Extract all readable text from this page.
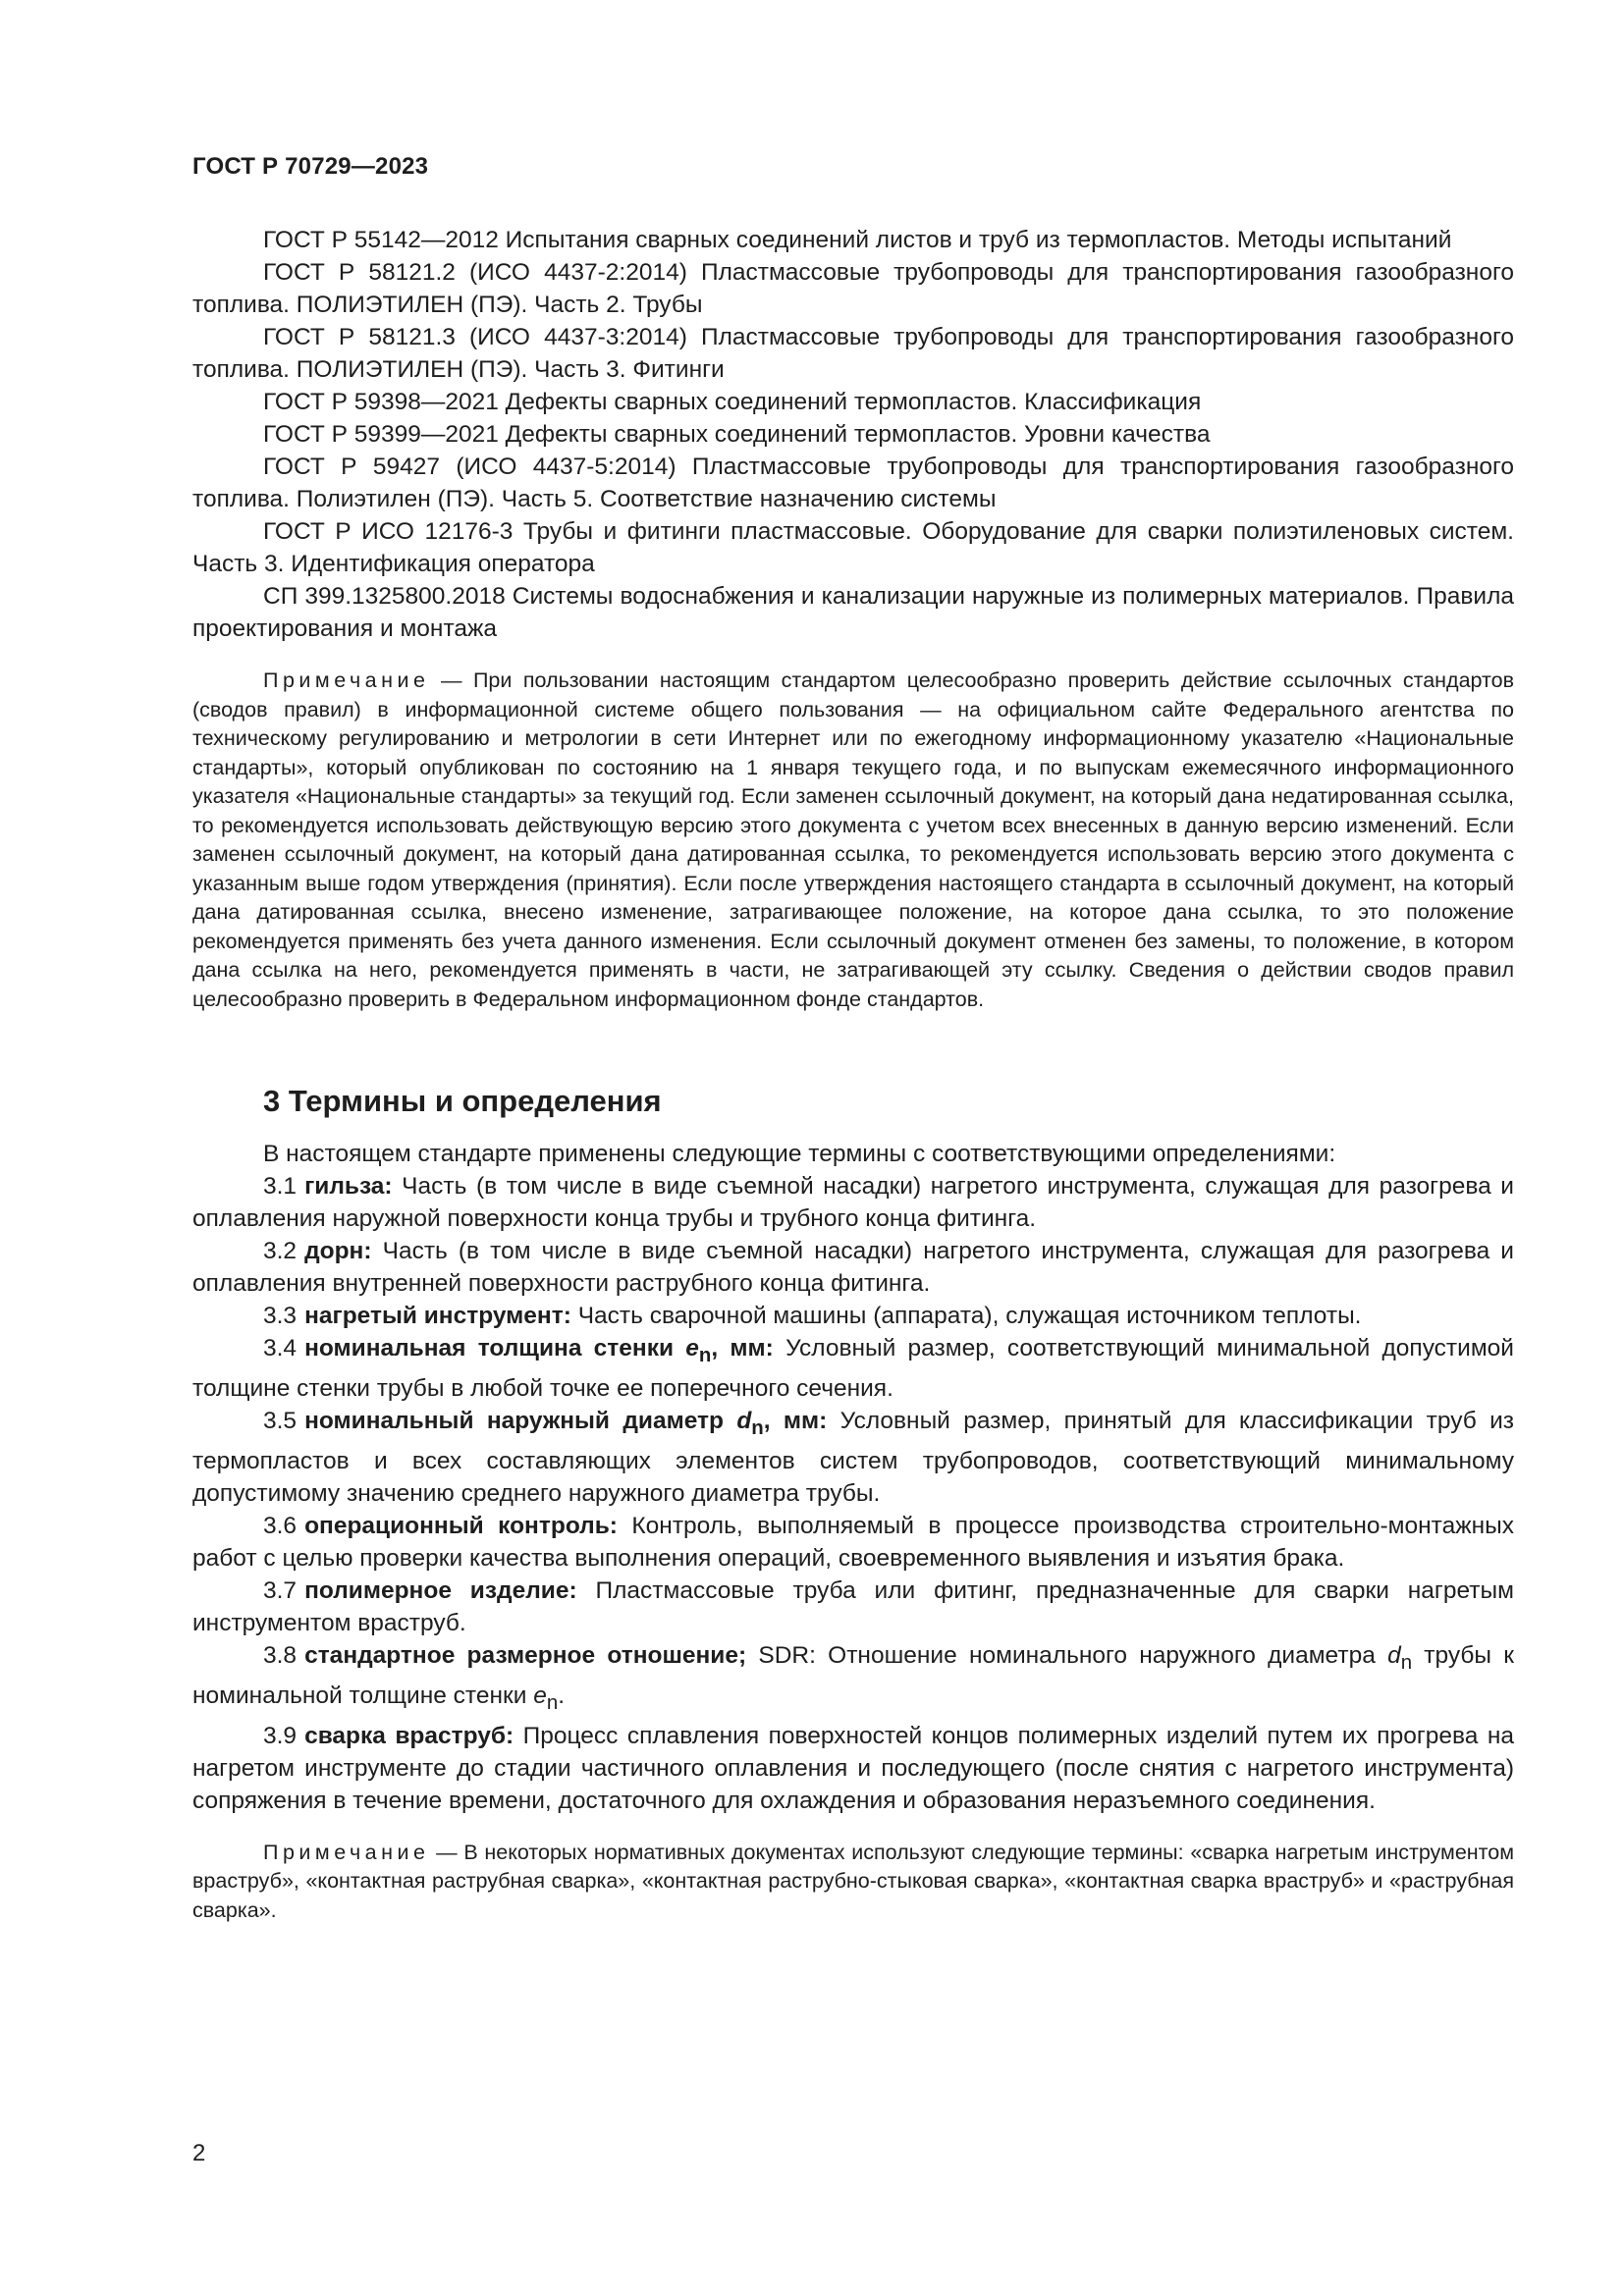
ГОСТ Р 70729—2023

ГОСТ Р 55142—2012 Испытания сварных соединений листов и труб из термопластов. Методы испытаний

ГОСТ Р 58121.2 (ИСО 4437-2:2014) Пластмассовые трубопроводы для транспортирования газообразного топлива. ПОЛИЭТИЛЕН (ПЭ). Часть 2. Трубы

ГОСТ Р 58121.3 (ИСО 4437-3:2014) Пластмассовые трубопроводы для транспортирования газообразного топлива. ПОЛИЭТИЛЕН (ПЭ). Часть 3. Фитинги

ГОСТ Р 59398—2021 Дефекты сварных соединений термопластов. Классификация

ГОСТ Р 59399—2021 Дефекты сварных соединений термопластов. Уровни качества

ГОСТ Р 59427 (ИСО 4437-5:2014) Пластмассовые трубопроводы для транспортирования газообразного топлива. Полиэтилен (ПЭ). Часть 5. Соответствие назначению системы

ГОСТ Р ИСО 12176-3 Трубы и фитинги пластмассовые. Оборудование для сварки полиэтиленовых систем. Часть 3. Идентификация оператора

СП 399.1325800.2018 Системы водоснабжения и канализации наружные из полимерных материалов. Правила проектирования и монтажа

Примечание — При пользовании настоящим стандартом целесообразно проверить действие ссылочных стандартов (сводов правил) в информационной системе общего пользования — на официальном сайте Федерального агентства по техническому регулированию и метрологии в сети Интернет или по ежегодному информационному указателю «Национальные стандарты», который опубликован по состоянию на 1 января текущего года, и по выпускам ежемесячного информационного указателя «Национальные стандарты» за текущий год. Если заменен ссылочный документ, на который дана недатированная ссылка, то рекомендуется использовать действующую версию этого документа с учетом всех внесенных в данную версию изменений. Если заменен ссылочный документ, на который дана датированная ссылка, то рекомендуется использовать версию этого документа с указанным выше годом утверждения (принятия). Если после утверждения настоящего стандарта в ссылочный документ, на который дана датированная ссылка, внесено изменение, затрагивающее положение, на которое дана ссылка, то это положение рекомендуется применять без учета данного изменения. Если ссылочный документ отменен без замены, то положение, в котором дана ссылка на него, рекомендуется применять в части, не затрагивающей эту ссылку. Сведения о действии сводов правил целесообразно проверить в Федеральном информационном фонде стандартов.

3 Термины и определения

В настоящем стандарте применены следующие термины с соответствующими определениями:

3.1 гильза: Часть (в том числе в виде съемной насадки) нагретого инструмента, служащая для разогрева и оплавления наружной поверхности конца трубы и трубного конца фитинга.

3.2 дорн: Часть (в том числе в виде съемной насадки) нагретого инструмента, служащая для разогрева и оплавления внутренней поверхности раструбного конца фитинга.

3.3 нагретый инструмент: Часть сварочной машины (аппарата), служащая источником теплоты.

3.4 номинальная толщина стенки $e_n$, мм: Условный размер, соответствующий минимальной допустимой толщине стенки трубы в любой точке ее поперечного сечения.

3.5 номинальный наружный диаметр $d_n$, мм: Условный размер, принятый для классификации труб из термопластов и всех составляющих элементов систем трубопроводов, соответствующий минимальному допустимому значению среднего наружного диаметра трубы.

3.6 операционный контроль: Контроль, выполняемый в процессе производства строительно-монтажных работ с целью проверки качества выполнения операций, своевременного выявления и изъятия брака.

3.7 полимерное изделие: Пластмассовые труба или фитинг, предназначенные для сварки нагретым инструментом враструб.

3.8 стандартное размерное отношение; SDR: Отношение номинального наружного диаметра $d_n$ трубы к номинальной толщине стенки $e_n$.

3.9 сварка враструб: Процесс сплавления поверхностей концов полимерных изделий путем их прогрева на нагретом инструменте до стадии частичного оплавления и последующего (после снятия с нагретого инструмента) сопряжения в течение времени, достаточного для охлаждения и образования неразъемного соединения.

Примечание — В некоторых нормативных документах используют следующие термины: «сварка нагретым инструментом враструб», «контактная раструбная сварка», «контактная раструбно-стыковая сварка», «контактная сварка враструб» и «раструбная сварка».

2
